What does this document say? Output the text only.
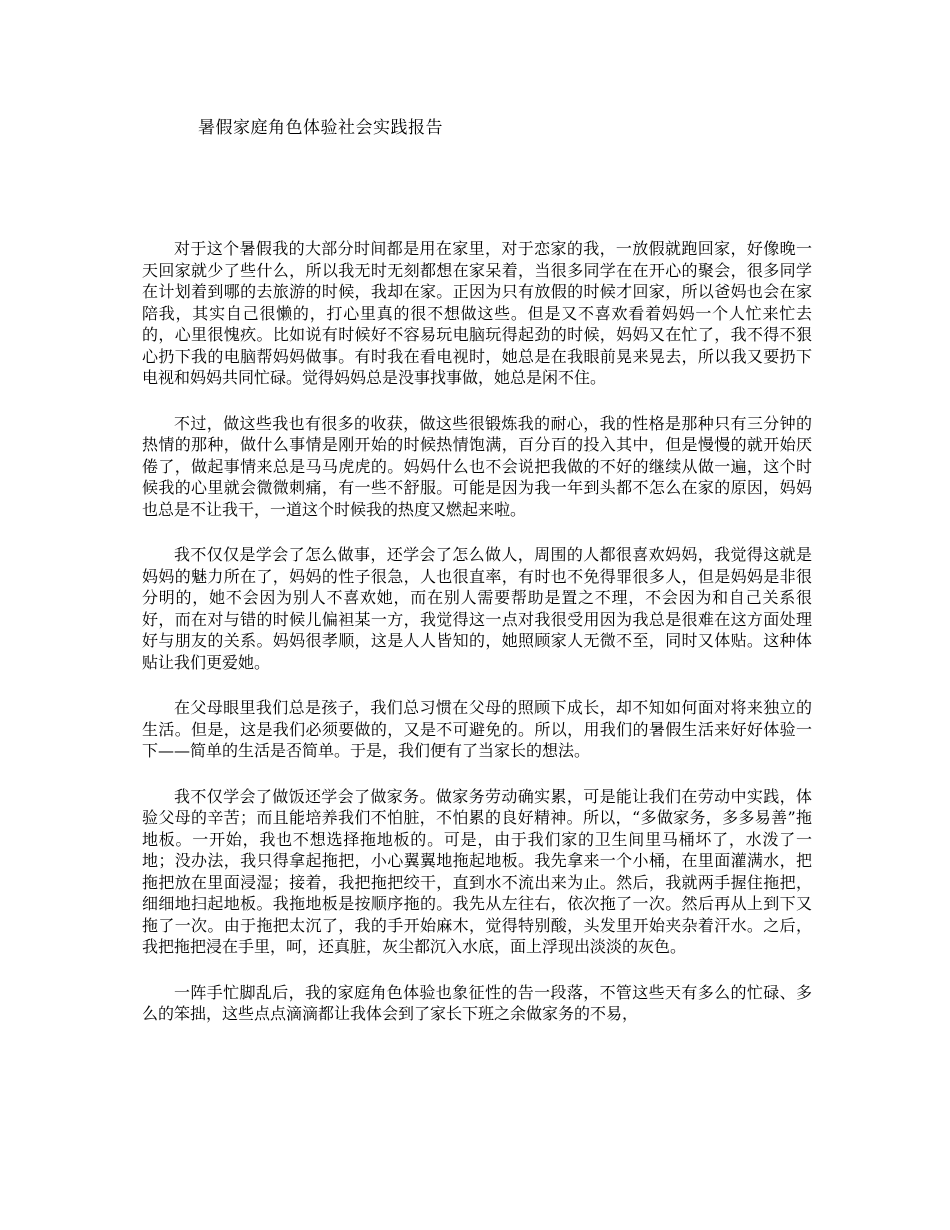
暑假家庭角色体验社会实践报告

对于这个暑假我的大部分时间都是用在家里，对于恋家的我，一放假就跑回家，好像晚一天回家就少了些什么，所以我无时无刻都想在家呆着，当很多同学在在开心的聚会，很多同学在计划着到哪的去旅游的时候，我却在家。正因为只有放假的时候才回家，所以爸妈也会在家陪我，其实自己很懒的，打心里真的很不想做这些。但是又不喜欢看着妈妈一个人忙来忙去的，心里很愧疚。比如说有时候好不容易玩电脑玩得起劲的时候，妈妈又在忙了，我不得不狠心扔下我的电脑帮妈妈做事。有时我在看电视时，她总是在我眼前晃来晃去，所以我又要扔下电视和妈妈共同忙碌。觉得妈妈总是没事找事做，她总是闲不住。

不过，做这些我也有很多的收获，做这些很锻炼我的耐心，我的性格是那种只有三分钟的热情的那种，做什么事情是刚开始的时候热情饱满，百分百的投入其中，但是慢慢的就开始厌倦了，做起事情来总是马马虎虎的。妈妈什么也不会说把我做的不好的继续从做一遍，这个时候我的心里就会微微刺痛，有一些不舒服。可能是因为我一年到头都不怎么在家的原因，妈妈也总是不让我干，一道这个时候我的热度又燃起来啦。

我不仅仅是学会了怎么做事，还学会了怎么做人，周围的人都很喜欢妈妈，我觉得这就是妈妈的魅力所在了，妈妈的性子很急，人也很直率，有时也不免得罪很多人，但是妈妈是非很分明的，她不会因为别人不喜欢她，而在别人需要帮助是置之不理，不会因为和自己关系很好，而在对与错的时候儿偏袒某一方，我觉得这一点对我很受用因为我总是很难在这方面处理好与朋友的关系。妈妈很孝顺，这是人人皆知的，她照顾家人无微不至，同时又体贴。这种体贴让我们更爱她。

在父母眼里我们总是孩子，我们总习惯在父母的照顾下成长，却不知如何面对将来独立的生活。但是，这是我们必须要做的，又是不可避免的。所以，用我们的暑假生活来好好体验一下——简单的生活是否简单。于是，我们便有了当家长的想法。

我不仅学会了做饭还学会了做家务。做家务劳动确实累，可是能让我们在劳动中实践，体验父母的辛苦；而且能培养我们不怕脏，不怕累的良好精神。所以，“多做家务，多多易善”拖地板。一开始，我也不想选择拖地板的。可是，由于我们家的卫生间里马桶坏了，水泼了一地；没办法，我只得拿起拖把，小心翼翼地拖起地板。我先拿来一个小桶，在里面灌满水，把拖把放在里面浸湿；接着，我把拖把绞干，直到水不流出来为止。然后，我就两手握住拖把，细细地扫起地板。我拖地板是按顺序拖的。我先从左往右，依次拖了一次。然后再从上到下又拖了一次。由于拖把太沉了，我的手开始麻木，觉得特别酸，头发里开始夹杂着汗水。之后，我把拖把浸在手里，呵，还真脏，灰尘都沉入水底，面上浮现出淡淡的灰色。

一阵手忙脚乱后，我的家庭角色体验也象征性的告一段落，不管这些天有多么的忙碌、多么的笨拙，这些点点滴滴都让我体会到了家长下班之余做家务的不易，
